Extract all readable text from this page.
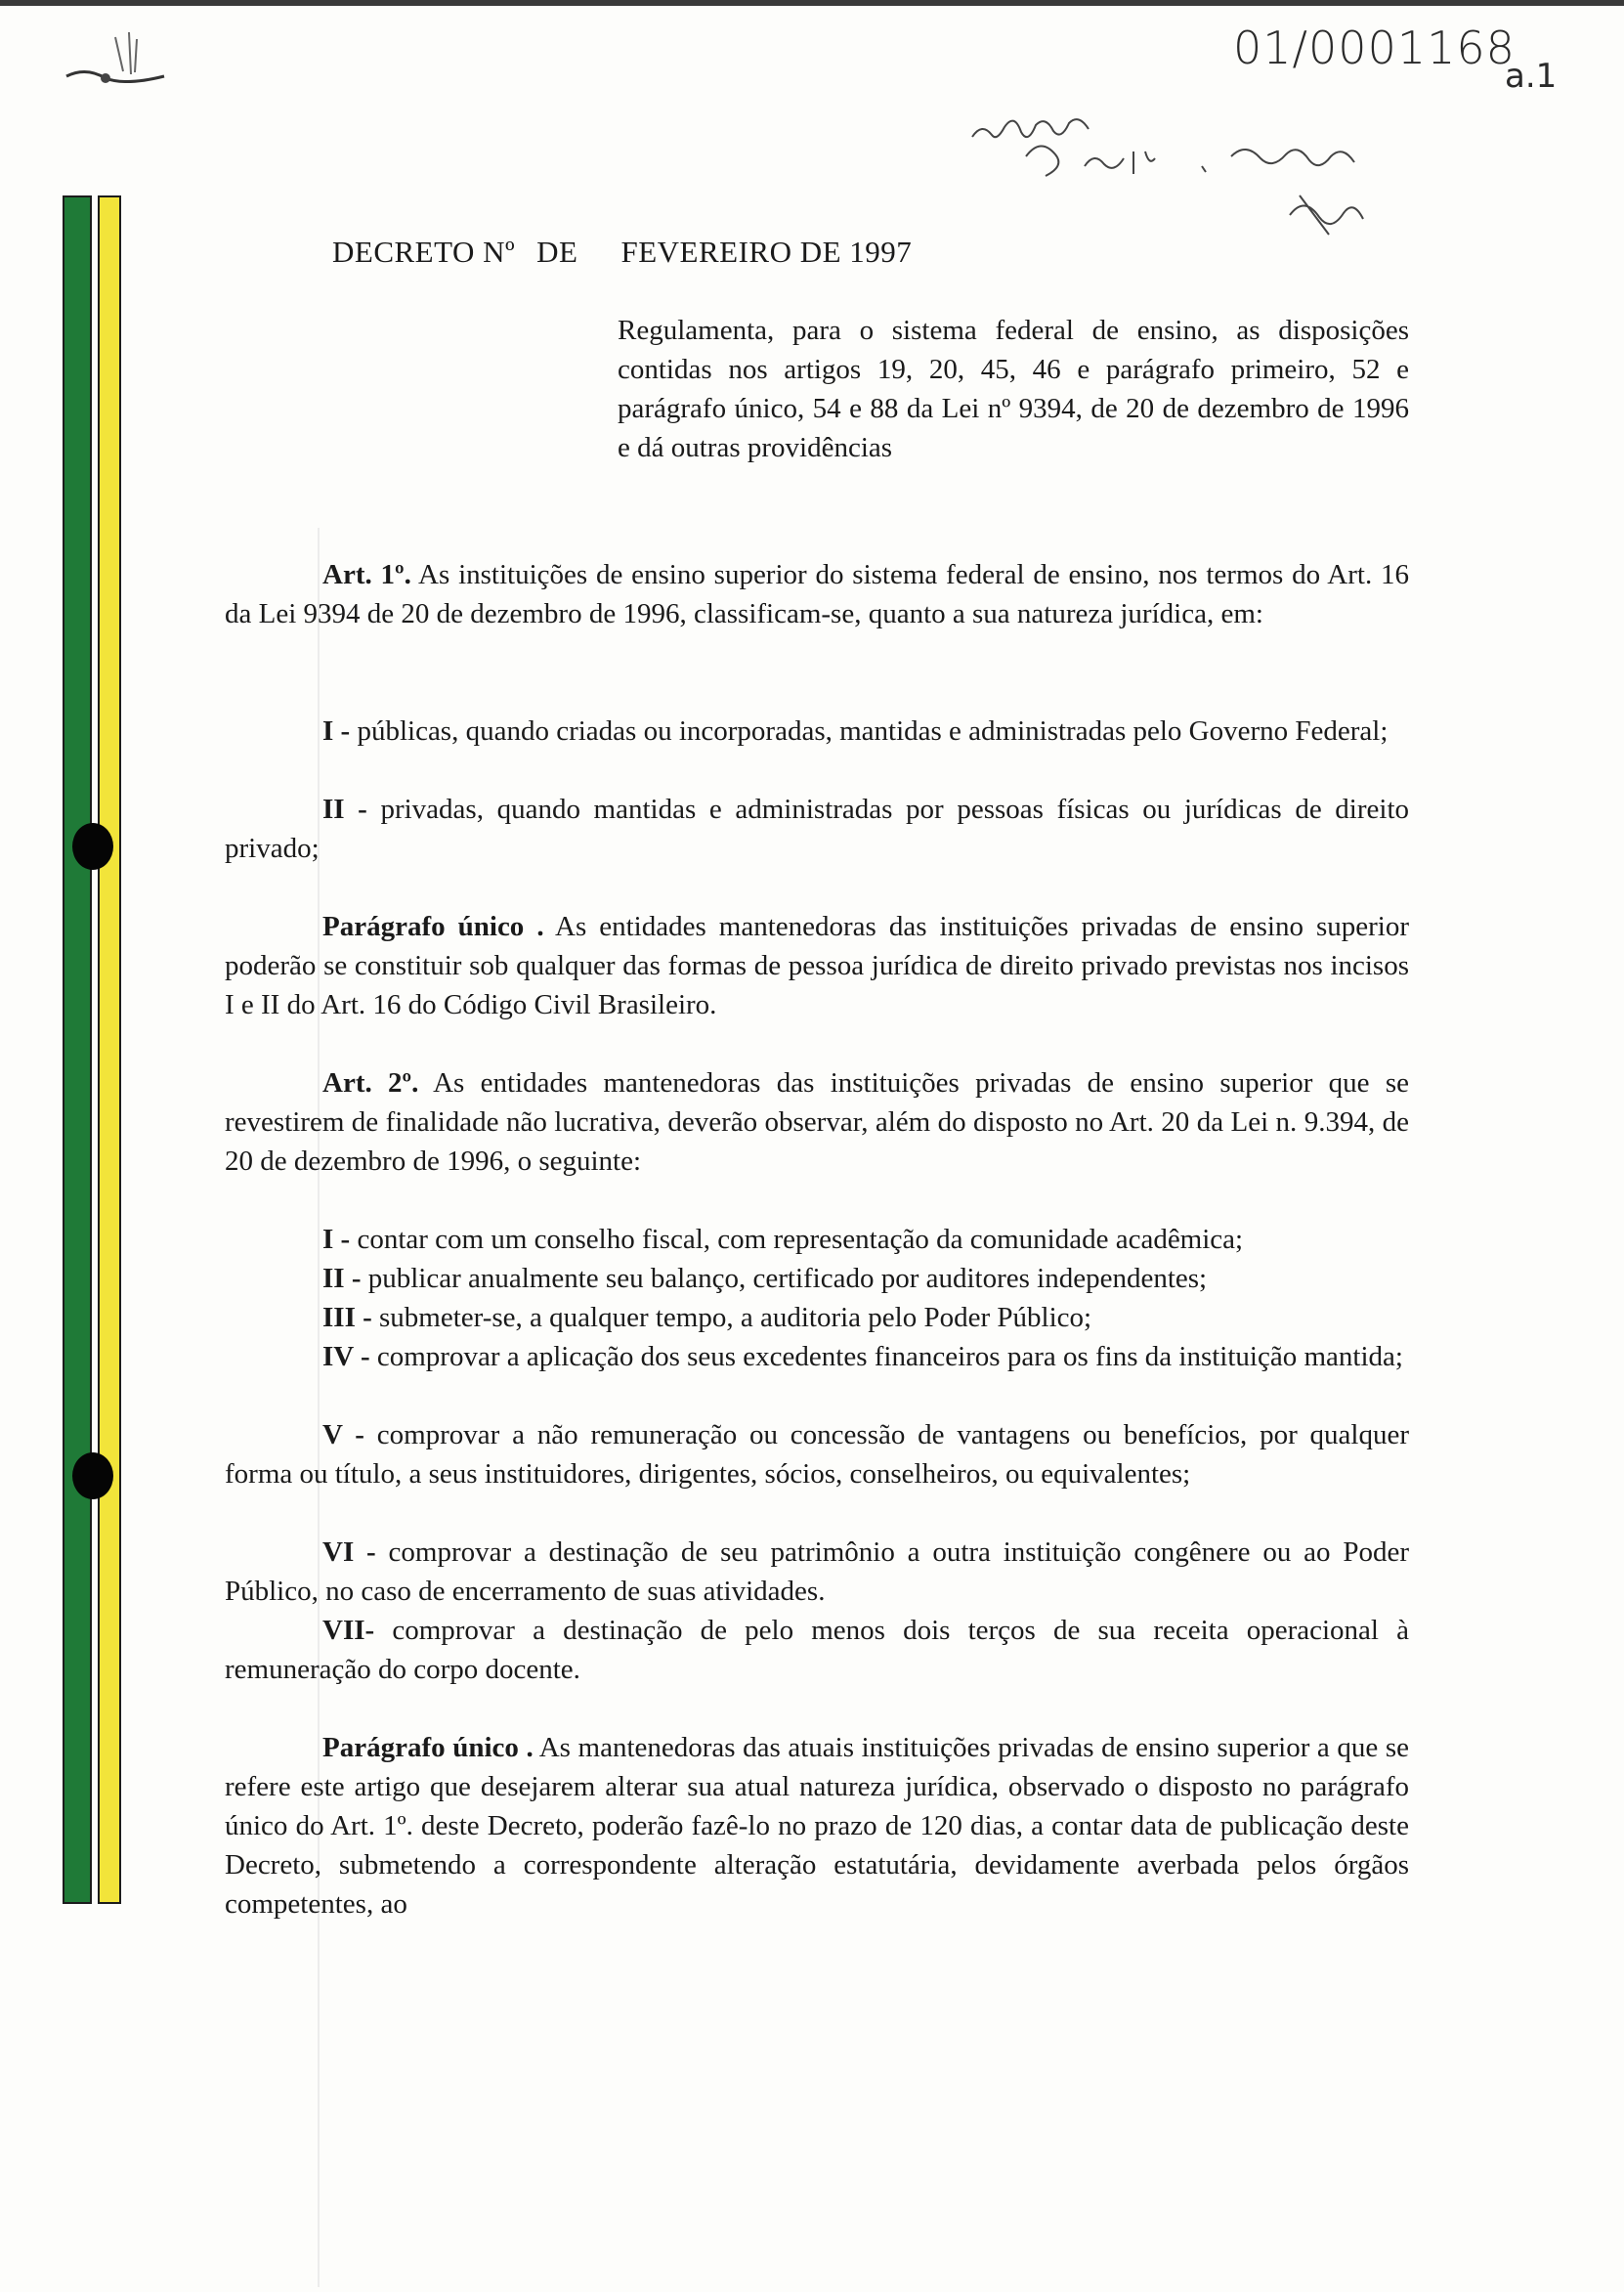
01/0001168
a.1
DECRETO Nº DE FEVEREIRO DE 1997
Regulamenta, para o sistema federal de ensino, as disposições contidas nos artigos 19, 20, 45, 46 e parágrafo primeiro, 52 e parágrafo único, 54 e 88 da Lei nº 9394, de 20 de dezembro de 1996 e dá outras providências
Art. 1º. As instituições de ensino superior do sistema federal de ensino, nos termos do Art. 16 da Lei 9394 de 20 de dezembro de 1996, classificam-se, quanto a sua natureza jurídica, em:
I - públicas, quando criadas ou incorporadas, mantidas e administradas pelo Governo Federal;
II - privadas, quando mantidas e administradas por pessoas físicas ou jurídicas de direito privado;
Parágrafo único . As entidades mantenedoras das instituições privadas de ensino superior poderão se constituir sob qualquer das formas de pessoa jurídica de direito privado previstas nos incisos I e II do Art. 16 do Código Civil Brasileiro.
Art. 2º. As entidades mantenedoras das instituições privadas de ensino superior que se revestirem de finalidade não lucrativa, deverão observar, além do disposto no Art. 20 da Lei n. 9.394, de 20 de dezembro de 1996, o seguinte:
I - contar com um conselho fiscal, com representação da comunidade acadêmica;
II - publicar anualmente seu balanço, certificado por auditores independentes;
III - submeter-se, a qualquer tempo, a auditoria pelo Poder Público;
IV - comprovar a aplicação dos seus excedentes financeiros para os fins da instituição mantida;
V - comprovar a não remuneração ou concessão de vantagens ou benefícios, por qualquer forma ou título, a seus instituidores, dirigentes, sócios, conselheiros, ou equivalentes;
VI - comprovar a destinação de seu patrimônio a outra instituição congênere ou ao Poder Público, no caso de encerramento de suas atividades.
VII- comprovar a destinação de pelo menos dois terços de sua receita operacional à remuneração do corpo docente.
Parágrafo único . As mantenedoras das atuais instituições privadas de ensino superior a que se refere este artigo que desejarem alterar sua atual natureza jurídica, observado o disposto no parágrafo único do Art. 1º. deste Decreto, poderão fazê-lo no prazo de 120 dias, a contar data de publicação deste Decreto, submetendo a correspondente alteração estatutária, devidamente averbada pelos órgãos competentes, ao
